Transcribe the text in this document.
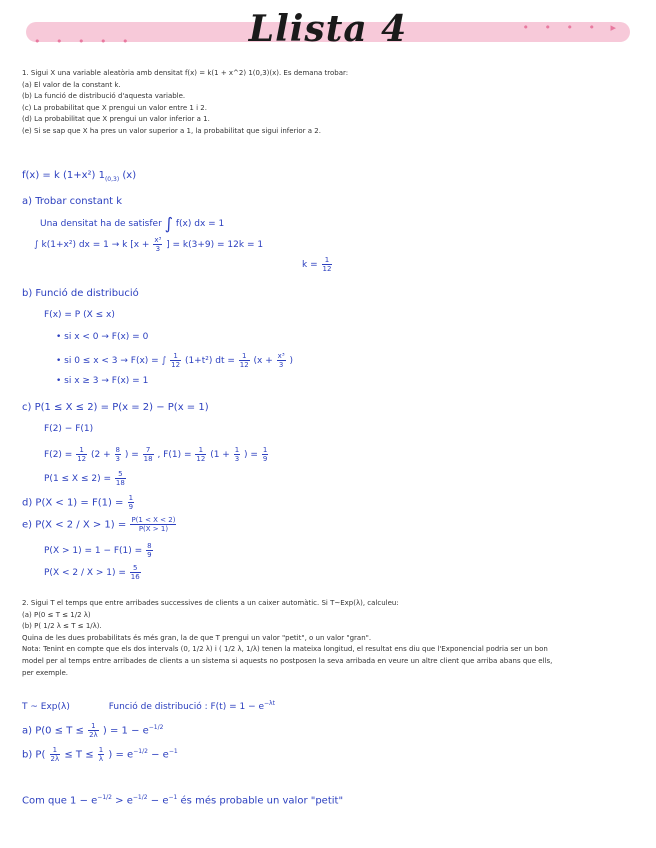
• • • • •
• • • • ▸
Llista 4

1. Sigui X una variable aleatòria amb densitat f(x) = k(1 + x^2) 1(0,3)(x). Es demana trobar:

(a) El valor de la constant k.

(b) La funció de distribució d'aquesta variable.

(c) La probabilitat que X prengui un valor entre 1 i 2.

(d) La probabilitat que X prengui un valor inferior a 1.

(e) Si se sap que X ha pres un valor superior a 1, la probabilitat que sigui inferior a 2.

f(x) = k (1+x²) $1_{(0,3)}$ (x)
a) Trobar constant k
Una densitat ha de satisfer ∫ f(x) dx = 1
∫ k(1+x²) dx = 1 → k [$x + \frac{\text{x³}}{3}$ ] = k(3+9) = 12k = 1
$k = \frac{1}{12}$
b) Funció de distribució
F(x) = P (X ≤ x)
• si x < 0 → F(x) = 0
• si 0 ≤ x < 3 → F(x) = ∫ $\frac{1}{12} (1+t^2)$ dt = $\frac{1}{12} (x + \frac{\text{x³}}{3}$ )
• si x ≥ 3 → F(x) = 1
c) P(1 ≤ X ≤ 2) = P(x = 2) − P(x = 1)
F(2) − F(1)
$F(2) = \frac{1}{12} (2 + \frac{8}{3}$ ) = $\frac{7}{18}$ , $F(1) = \frac{1}{12} (1 + \frac{1}{3}$ ) = $\frac{1}{9}$
$P(1 \le X \le 2) = \frac{5}{18}$
d) $P(X < 1) = F(1) = \frac{1}{9}$
e) $P(X < 2 / X > 1) = \frac{P(1 < X < 2)}{P(X > 1)}$
$P(X > 1) = 1 - F(1) = \frac{8}{9}$
$P(X < 2 / X > 1) = \frac{5}{16}$

2. Sigui T el temps que entre arribades successives de clients a un caixer automàtic. Si T~Exp(λ), calculeu:

(a) P(0 ≤ T ≤ 1/2 λ)

(b) P( 1/2 λ ≤ T ≤ 1/λ).

Quina de les dues probabilitats és més gran, la de que T prengui un valor "petit", o un valor "gran".

Nota: Tenint en compte que els dos intervals (0, 1/2 λ) i ( 1/2 λ, 1/λ) tenen la mateixa longitud, el resultat ens diu que l'Exponencial podria ser un bon

model per al temps entre arribades de clients a un sistema si aquests no postposen la seva arribada en veure un altre client que arriba abans que ells,

per exemple.

T ~ Exp(λ)	Funció de distribució : $F(t) = 1 - e^{-\lambda t}$
a) $P(0 \le T \le \frac{1}{2\lambda}$ ) = $1 - e^{-1/2}$
b) $P( \frac{1}{2\lambda} \le T \le \frac{1}{\lambda}$ ) = $e^{-1/2} - e^{-1}$
Com que $1 - e^{-1/2} > e^{-1/2} - e^{-1}$ és més probable un valor "petit"
